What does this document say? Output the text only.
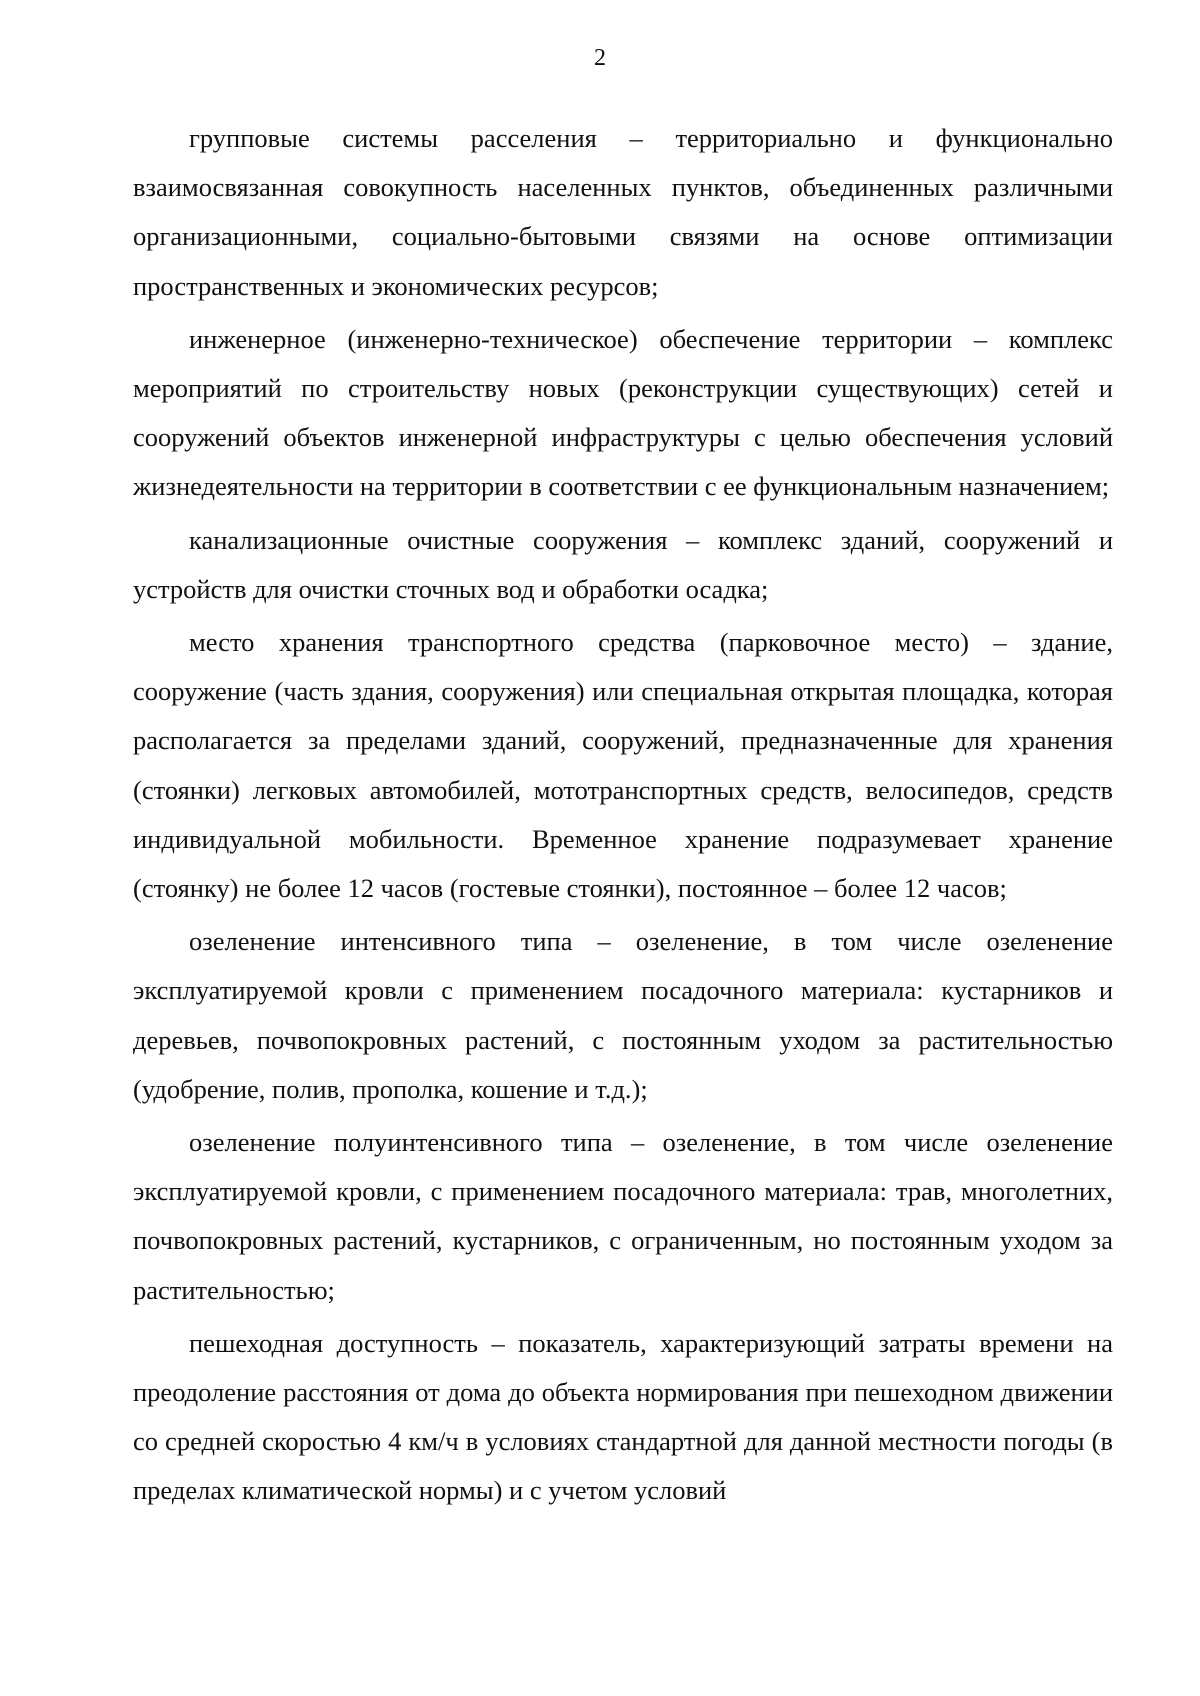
2

групповые системы расселения – территориально и функционально взаимосвязанная совокупность населенных пунктов, объединенных различными организационными, социально-бытовыми связями на основе оптимизации пространственных и экономических ресурсов;

инженерное (инженерно-техническое) обеспечение территории – комплекс мероприятий по строительству новых (реконструкции существующих) сетей и сооружений объектов инженерной инфраструктуры с целью обеспечения условий жизнедеятельности на территории в соответствии с ее функциональным назначением;

канализационные очистные сооружения – комплекс зданий, сооружений и устройств для очистки сточных вод и обработки осадка;

место хранения транспортного средства (парковочное место) – здание, сооружение (часть здания, сооружения) или специальная открытая площадка, которая располагается за пределами зданий, сооружений, предназначенные для хранения (стоянки) легковых автомобилей, мототранспортных средств, велосипедов, средств индивидуальной мобильности. Временное хранение подразумевает хранение (стоянку) не более 12 часов (гостевые стоянки), постоянное – более 12 часов;

озеленение интенсивного типа – озеленение, в том числе озеленение эксплуатируемой кровли с применением посадочного материала: кустарников и деревьев, почвопокровных растений, с постоянным уходом за растительностью (удобрение, полив, прополка, кошение и т.д.);

озеленение полуинтенсивного типа – озеленение, в том числе озеленение эксплуатируемой кровли, с применением посадочного материала: трав, многолетних, почвопокровных растений, кустарников, с ограниченным, но постоянным уходом за растительностью;

пешеходная доступность – показатель, характеризующий затраты времени на преодоление расстояния от дома до объекта нормирования при пешеходном движении со средней скоростью 4 км/ч в условиях стандартной для данной местности погоды (в пределах климатической нормы) и с учетом условий
